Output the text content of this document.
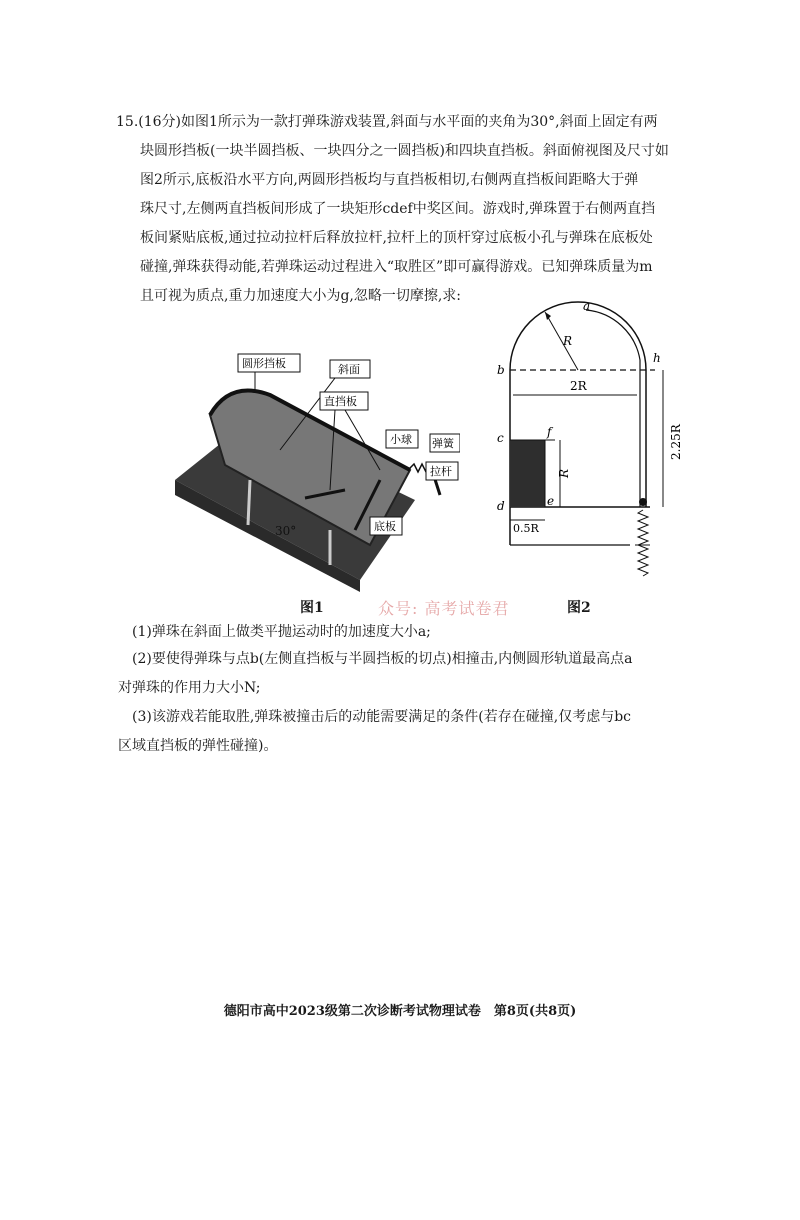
15.(16分)如图1所示为一款打弹珠游戏装置,斜面与水平面的夹角为30°,斜面上固定有两

块圆形挡板(一块半圆挡板、一块四分之一圆挡板)和四块直挡板。斜面俯视图及尺寸如

图2所示,底板沿水平方向,两圆形挡板均与直挡板相切,右侧两直挡板间距略大于弹

珠尺寸,左侧两直挡板间形成了一块矩形cdef中奖区间。游戏时,弹珠置于右侧两直挡

板间紧贴底板,通过拉动拉杆后释放拉杆,拉杆上的顶杆穿过底板小孔与弹珠在底板处

碰撞,弹珠获得动能,若弹珠运动过程进入“取胜区”即可赢得游戏。已知弹珠质量为m

且可视为质点,重力加速度大小为g,忽略一切摩擦,求:

30°
圆形挡板	斜面
直挡板
小球 弹簧
拉杆
底板
a
b
h
c	f
d	e
R
2R
2.25R
R
0.5R
图1	众号: 高考试卷君	图2
(1)弹珠在斜面上做类平抛运动时的加速度大小a;
(2)要使得弹珠与点b(左侧直挡板与半圆挡板的切点)相撞击,内侧圆形轨道最高点a
对弹珠的作用力大小N;
(3)该游戏若能取胜,弹珠被撞击后的动能需要满足的条件(若存在碰撞,仅考虑与bc
区域直挡板的弹性碰撞)。
德阳市高中2023级第二次诊断考试物理试卷　第8页(共8页)
